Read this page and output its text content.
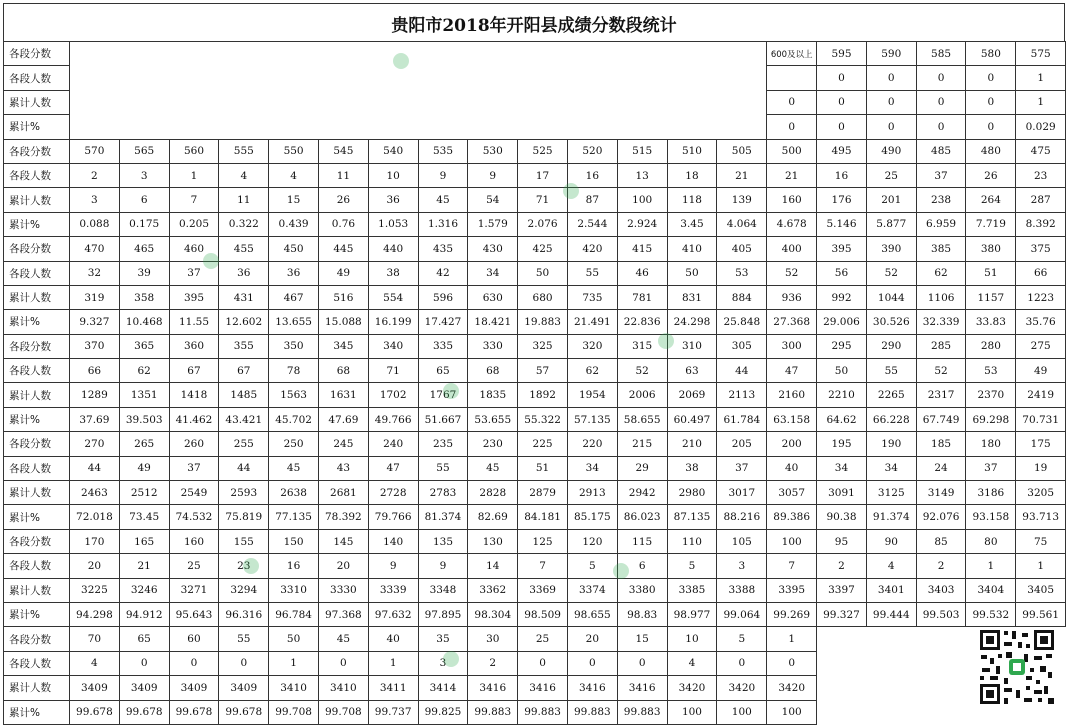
贵阳市2018年开阳县成绩分数段统计
各段分数															600及以上	595	590	585	580	575
各段人数																0	0	0	0	1
累计人数															0	0	0	0	0	1
累计%															0	0	0	0	0	0.029
各段分数	570	565	560	555	550	545	540	535	530	525	520	515	510	505	500	495	490	485	480	475
各段人数	2	3	1	4	4	11	10	9	9	17	16	13	18	21	21	16	25	37	26	23
累计人数	3	6	7	11	15	26	36	45	54	71	87	100	118	139	160	176	201	238	264	287
累计%	0.088	0.175	0.205	0.322	0.439	0.76	1.053	1.316	1.579	2.076	2.544	2.924	3.45	4.064	4.678	5.146	5.877	6.959	7.719	8.392
各段分数	470	465	460	455	450	445	440	435	430	425	420	415	410	405	400	395	390	385	380	375
各段人数	32	39	37	36	36	49	38	42	34	50	55	46	50	53	52	56	52	62	51	66
累计人数	319	358	395	431	467	516	554	596	630	680	735	781	831	884	936	992	1044	1106	1157	1223
累计%	9.327	10.468	11.55	12.602	13.655	15.088	16.199	17.427	18.421	19.883	21.491	22.836	24.298	25.848	27.368	29.006	30.526	32.339	33.83	35.76
各段分数	370	365	360	355	350	345	340	335	330	325	320	315	310	305	300	295	290	285	280	275
各段人数	66	62	67	67	78	68	71	65	68	57	62	52	63	44	47	50	55	52	53	49
累计人数	1289	1351	1418	1485	1563	1631	1702	1767	1835	1892	1954	2006	2069	2113	2160	2210	2265	2317	2370	2419
累计%	37.69	39.503	41.462	43.421	45.702	47.69	49.766	51.667	53.655	55.322	57.135	58.655	60.497	61.784	63.158	64.62	66.228	67.749	69.298	70.731
各段分数	270	265	260	255	250	245	240	235	230	225	220	215	210	205	200	195	190	185	180	175
各段人数	44	49	37	44	45	43	47	55	45	51	34	29	38	37	40	34	34	24	37	19
累计人数	2463	2512	2549	2593	2638	2681	2728	2783	2828	2879	2913	2942	2980	3017	3057	3091	3125	3149	3186	3205
累计%	72.018	73.45	74.532	75.819	77.135	78.392	79.766	81.374	82.69	84.181	85.175	86.023	87.135	88.216	89.386	90.38	91.374	92.076	93.158	93.713
各段分数	170	165	160	155	150	145	140	135	130	125	120	115	110	105	100	95	90	85	80	75
各段人数	20	21	25	23	16	20	9	9	14	7	5	6	5	3	7	2	4	2	1	1
累计人数	3225	3246	3271	3294	3310	3330	3339	3348	3362	3369	3374	3380	3385	3388	3395	3397	3401	3403	3404	3405
累计%	94.298	94.912	95.643	96.316	96.784	97.368	97.632	97.895	98.304	98.509	98.655	98.83	98.977	99.064	99.269	99.327	99.444	99.503	99.532	99.561
各段分数	70	65	60	55	50	45	40	35	30	25	20	15	10	5	1					
各段人数	4	0	0	0	1	0	1	3	2	0	0	0	4	0	0					
累计人数	3409	3409	3409	3409	3410	3410	3411	3414	3416	3416	3416	3416	3420	3420	3420					
累计%	99.678	99.678	99.678	99.678	99.708	99.708	99.737	99.825	99.883	99.883	99.883	99.883	100	100	100					
